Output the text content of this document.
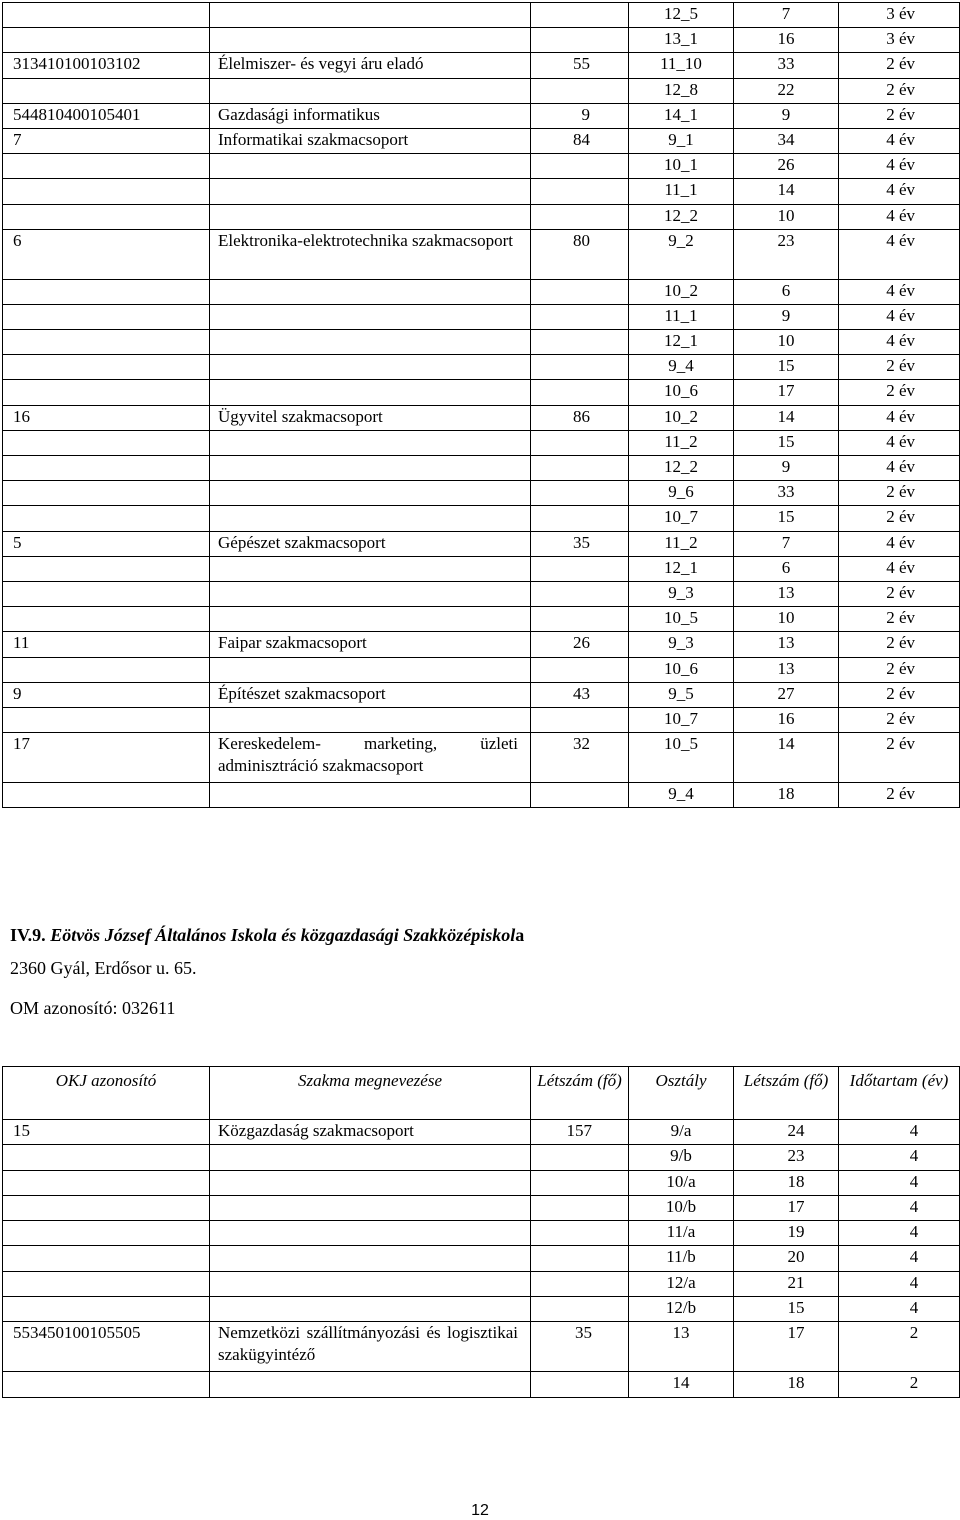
			12_5	7	3 év
			13_1	16	3 év
313410100103102	Élelmiszer- és vegyi áru eladó	55	11_10	33	2 év
			12_8	22	2 év
544810400105401	Gazdasági informatikus	9	14_1	9	2 év
7	Informatikai szakmacsoport	84	9_1	34	4 év
			10_1	26	4 év
			11_1	14	4 év
			12_2	10	4 év
6	Elektronika-elektrotechnika szakmacsoport	80	9_2	23	4 év
			10_2	6	4 év
			11_1	9	4 év
			12_1	10	4 év
			9_4	15	2 év
			10_6	17	2 év
16	Ügyvitel szakmacsoport	86	10_2	14	4 év
			11_2	15	4 év
			12_2	9	4 év
			9_6	33	2 év
			10_7	15	2 év
5	Gépészet szakmacsoport	35	11_2	7	4 év
			12_1	6	4 év
			9_3	13	2 év
			10_5	10	2 év
11	Faipar szakmacsoport	26	9_3	13	2 év
			10_6	13	2 év
9	Építészet szakmacsoport	43	9_5	27	2 év
			10_7	16	2 év
17	Kereskedelem- marketing, üzleti adminisztráció szakmacsoport	32	10_5	14	2 év
			9_4	18	2 év

IV.9. Eötvös József Általános Iskola és közgazdasági Szakközépiskola

2360 Gyál, Erdősor u. 65.

OM azonosító: 032611

OKJ azonosító	Szakma megnevezése	Létszám (fő)	Osztály	Létszám (fő)	Időtartam (év)
15	Közgazdaság szakmacsoport	157	9/a	24	4
			9/b	23	4
			10/a	18	4
			10/b	17	4
			11/a	19	4
			11/b	20	4
			12/a	21	4
			12/b	15	4
553450100105505	Nemzetközi szállítmányozási és logisztikai szakügyintéző	35	13	17	2
			14	18	2
12
